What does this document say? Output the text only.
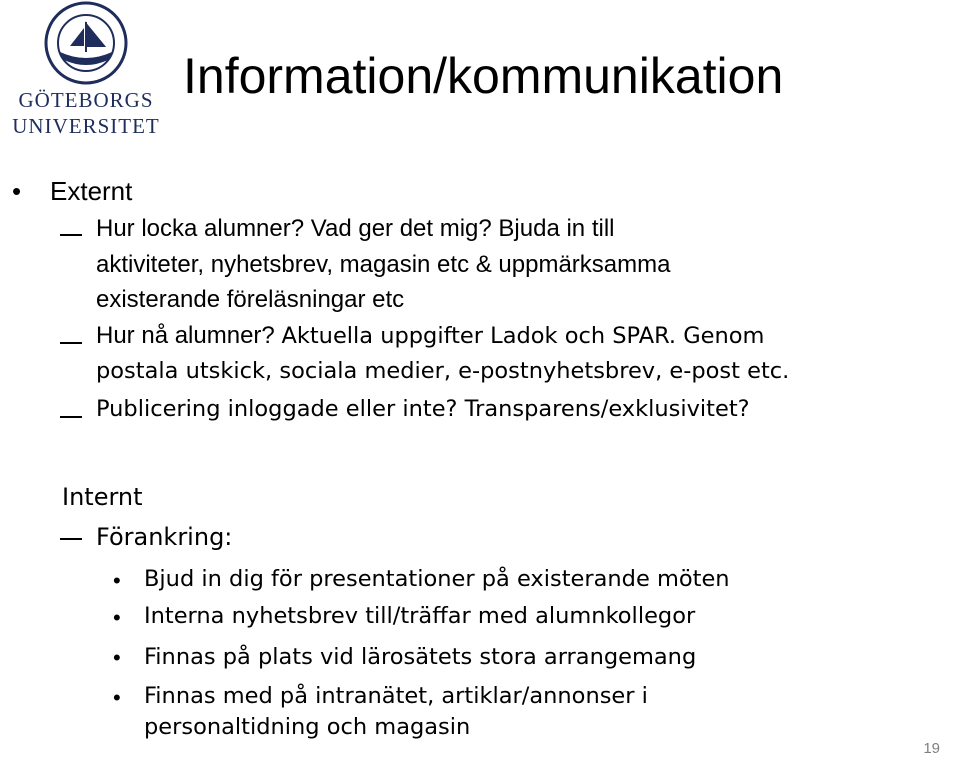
GÖTEBORGS
UNIVERSITET
Information/kommunikation
• Externt
Hur locka alumner? Vad ger det mig? Bjuda in till
aktiviteter, nyhetsbrev, magasin etc & uppmärksamma
existerande föreläsningar etc
Hur nå alumner? Aktuella uppgifter Ladok och SPAR. Genom
postala utskick, sociala medier, e-postnyhetsbrev, e-post etc.
Publicering inloggade eller inte? Transparens/exklusivitet?
Internt
Förankring:
• Bjud in dig för presentationer på existerande möten
• Interna nyhetsbrev till/träffar med alumnkollegor
• Finnas på plats vid lärosätets stora arrangemang
• Finnas med på intranätet, artiklar/annonser i
personaltidning och magasin
19
